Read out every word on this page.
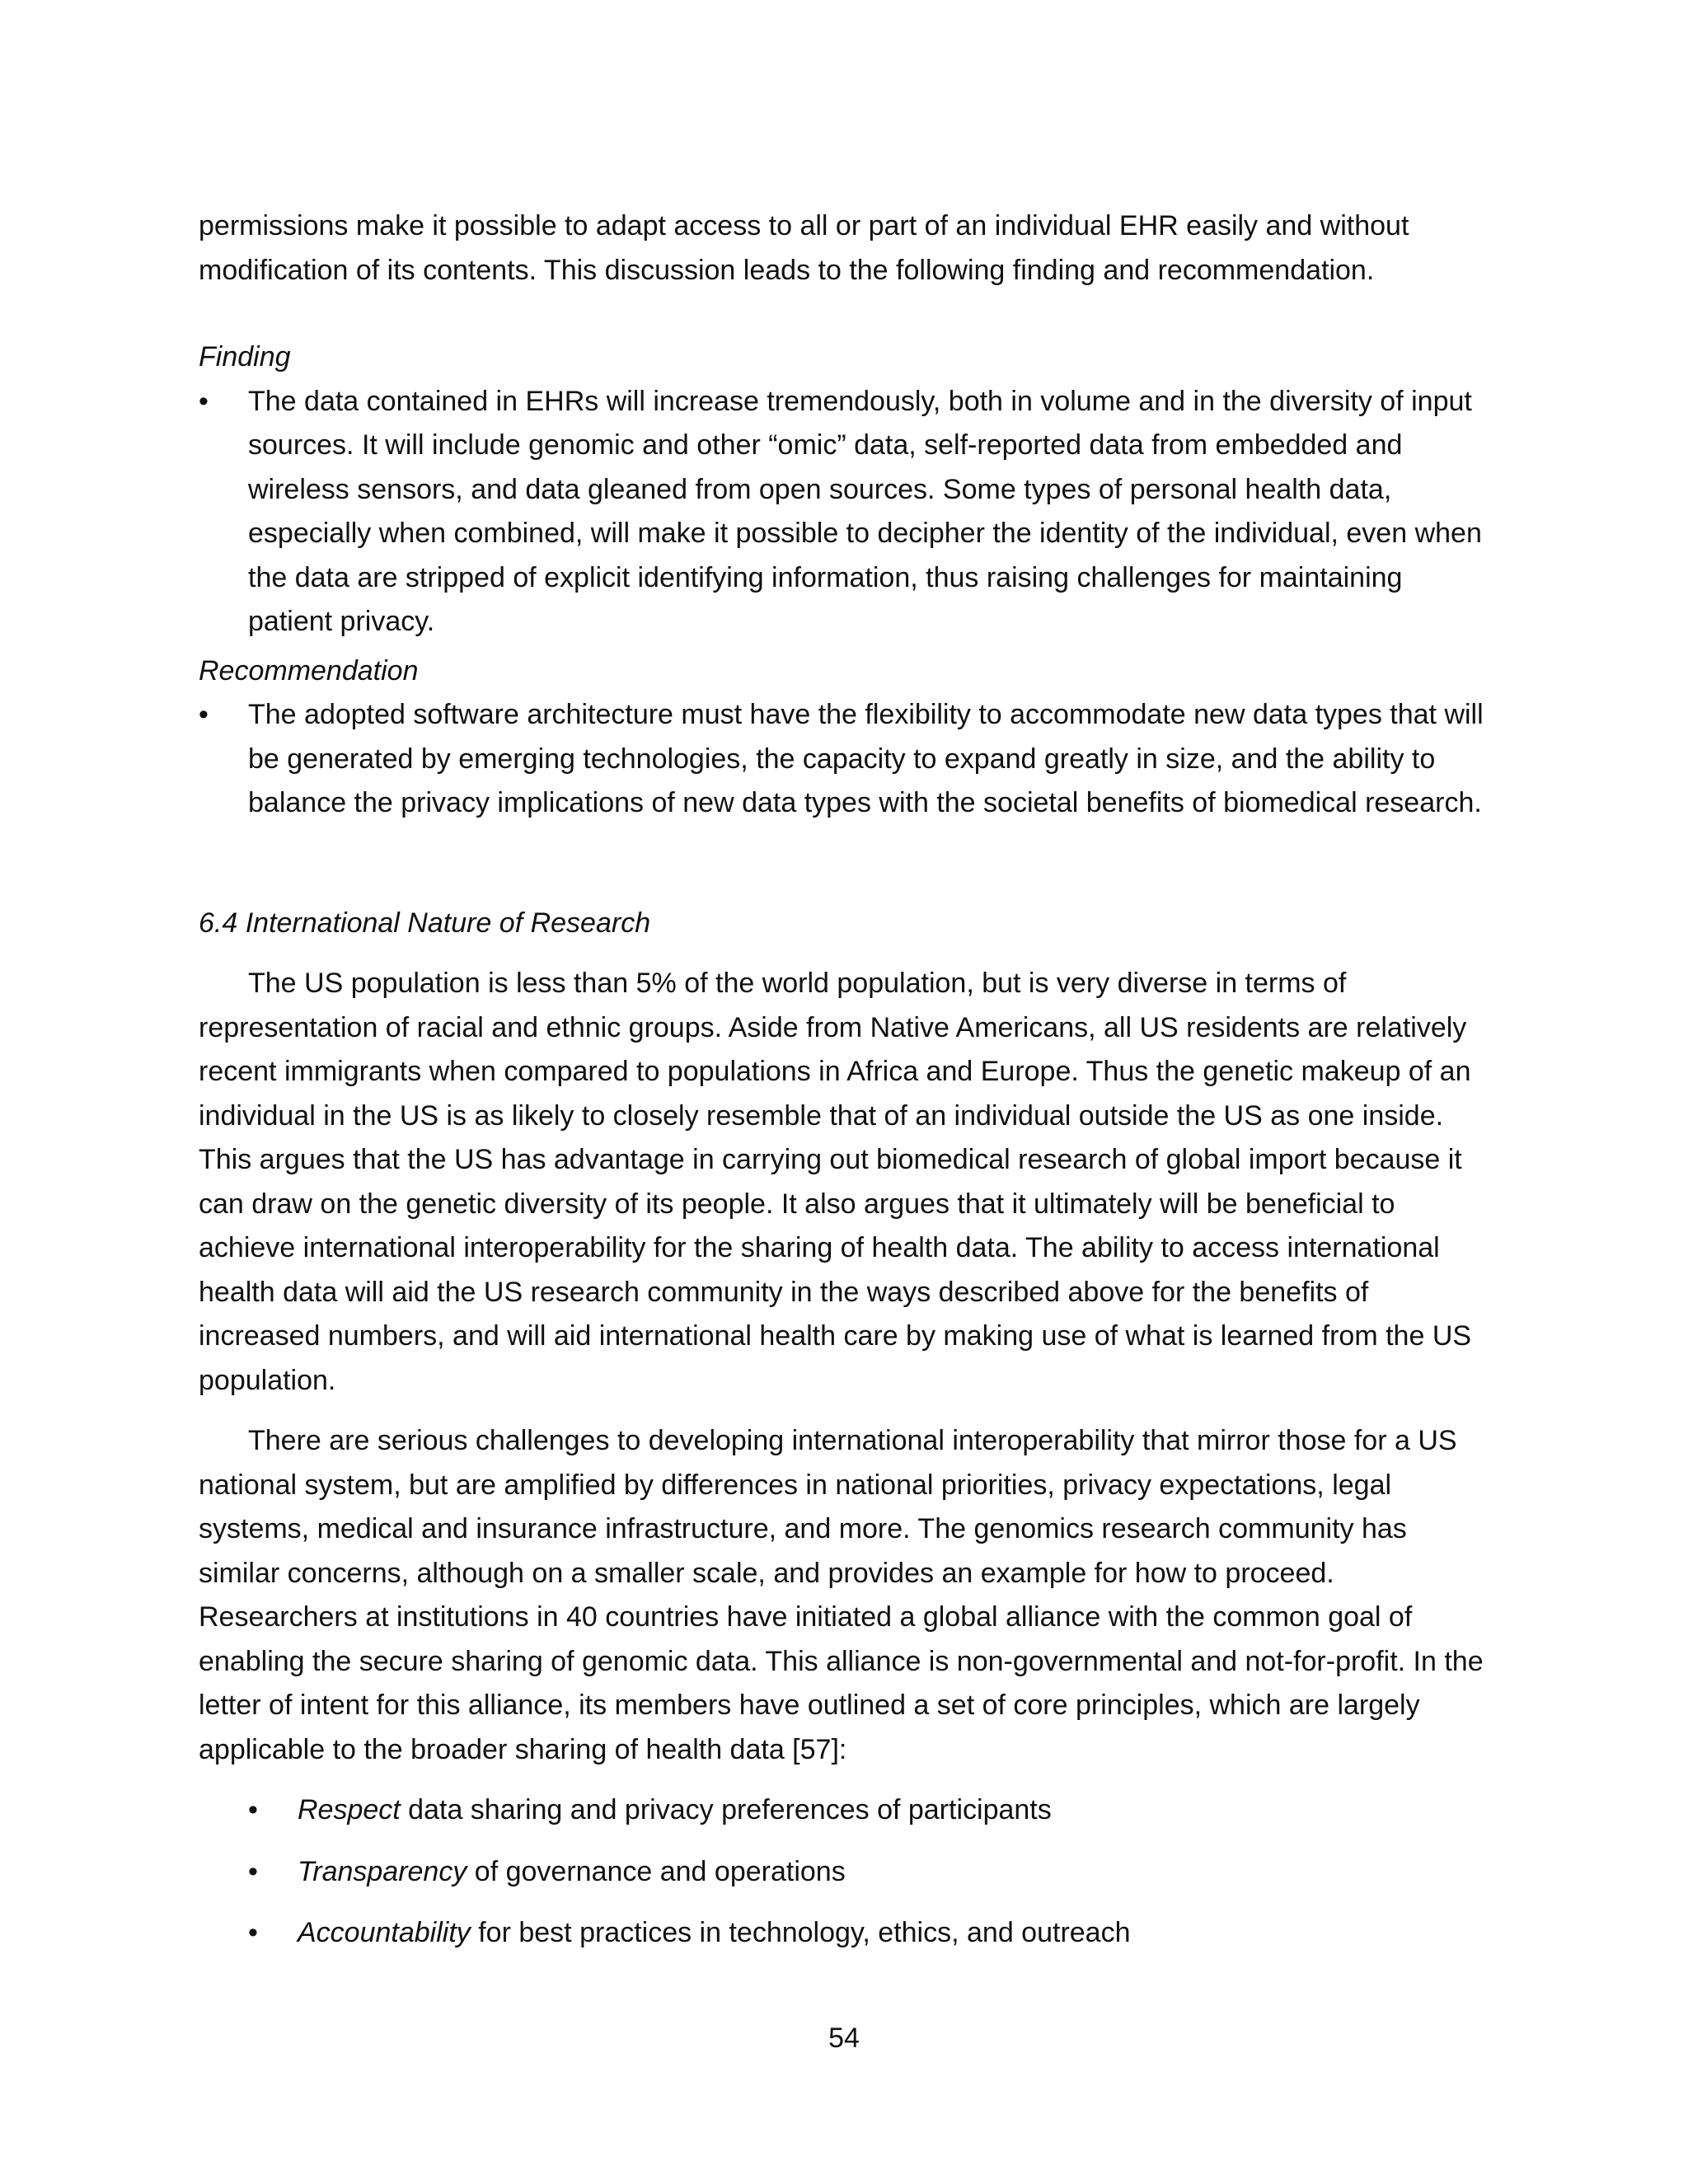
permissions make it possible to adapt access to all or part of an individual EHR easily and without modification of its contents. This discussion leads to the following finding and recommendation.

Finding

•	The data contained in EHRs will increase tremendously, both in volume and in the diversity of input sources. It will include genomic and other “omic” data, self-reported data from embedded and wireless sensors, and data gleaned from open sources. Some types of personal health data, especially when combined, will make it possible to decipher the identity of the individual, even when the data are stripped of explicit identifying information, thus raising challenges for maintaining patient privacy.

Recommendation

•	The adopted software architecture must have the flexibility to accommodate new data types that will be generated by emerging technologies, the capacity to expand greatly in size, and the ability to balance the privacy implications of new data types with the societal benefits of biomedical research.

6.4 International Nature of Research

The US population is less than 5% of the world population, but is very diverse in terms of representation of racial and ethnic groups. Aside from Native Americans, all US residents are relatively recent immigrants when compared to populations in Africa and Europe. Thus the genetic makeup of an individual in the US is as likely to closely resemble that of an individual outside the US as one inside. This argues that the US has advantage in carrying out biomedical research of global import because it can draw on the genetic diversity of its people. It also argues that it ultimately will be beneficial to achieve international interoperability for the sharing of health data. The ability to access international health data will aid the US research community in the ways described above for the benefits of increased numbers, and will aid international health care by making use of what is learned from the US population.

There are serious challenges to developing international interoperability that mirror those for a US national system, but are amplified by differences in national priorities, privacy expectations, legal systems, medical and insurance infrastructure, and more. The genomics research community has similar concerns, although on a smaller scale, and provides an example for how to proceed. Researchers at institutions in 40 countries have initiated a global alliance with the common goal of enabling the secure sharing of genomic data. This alliance is non-governmental and not-for-profit. In the letter of intent for this alliance, its members have outlined a set of core principles, which are largely applicable to the broader sharing of health data [57]:

•	Respect data sharing and privacy preferences of participants
•	Transparency of governance and operations
•	Accountability for best practices in technology, ethics, and outreach
54
